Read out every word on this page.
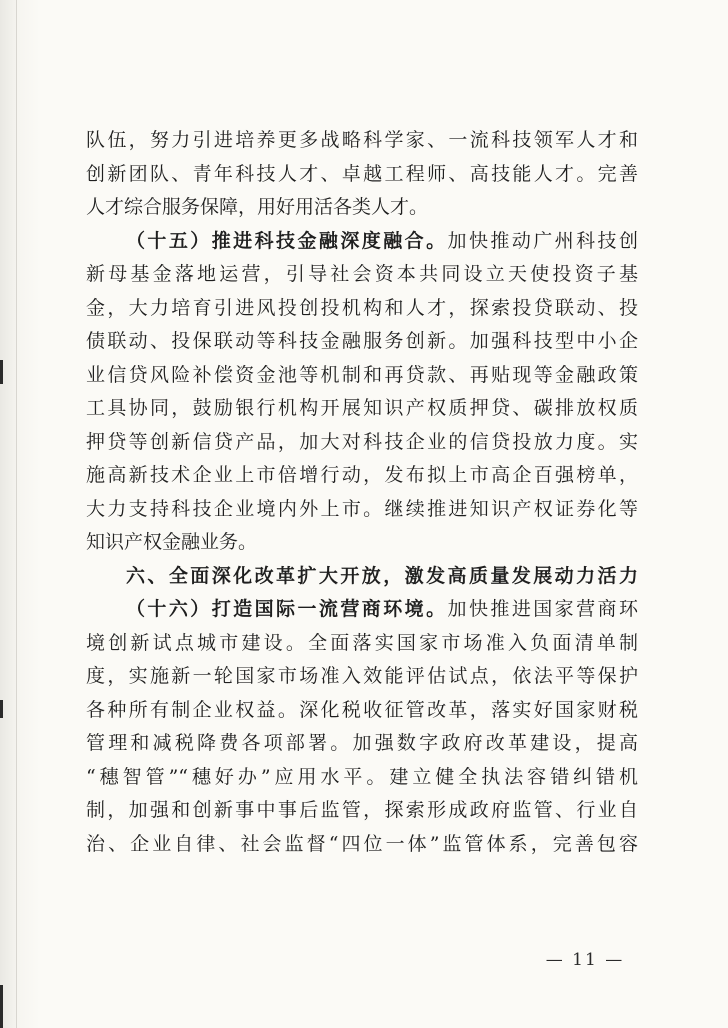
队伍，努力引进培养更多战略科学家、一流科技领军人才和
创新团队、青年科技人才、卓越工程师、高技能人才。完善
人才综合服务保障，用好用活各类人才。
（十五）推进科技金融深度融合。加快推动广州科技创
新母基金落地运营，引导社会资本共同设立天使投资子基
金，大力培育引进风投创投机构和人才，探索投贷联动、投
债联动、投保联动等科技金融服务创新。加强科技型中小企
业信贷风险补偿资金池等机制和再贷款、再贴现等金融政策
工具协同，鼓励银行机构开展知识产权质押贷、碳排放权质
押贷等创新信贷产品，加大对科技企业的信贷投放力度。实
施高新技术企业上市倍增行动，发布拟上市高企百强榜单，
大力支持科技企业境内外上市。继续推进知识产权证券化等
知识产权金融业务。
六、全面深化改革扩大开放，激发高质量发展动力活力
（十六）打造国际一流营商环境。加快推进国家营商环
境创新试点城市建设。全面落实国家市场准入负面清单制
度，实施新一轮国家市场准入效能评估试点，依法平等保护
各种所有制企业权益。深化税收征管改革，落实好国家财税
管理和减税降费各项部署。加强数字政府改革建设，提高
“穗智管”“穗好办”应用水平。建立健全执法容错纠错机
制，加强和创新事中事后监管，探索形成政府监管、行业自
治、企业自律、社会监督“四位一体”监管体系，完善包容
— 11 —
